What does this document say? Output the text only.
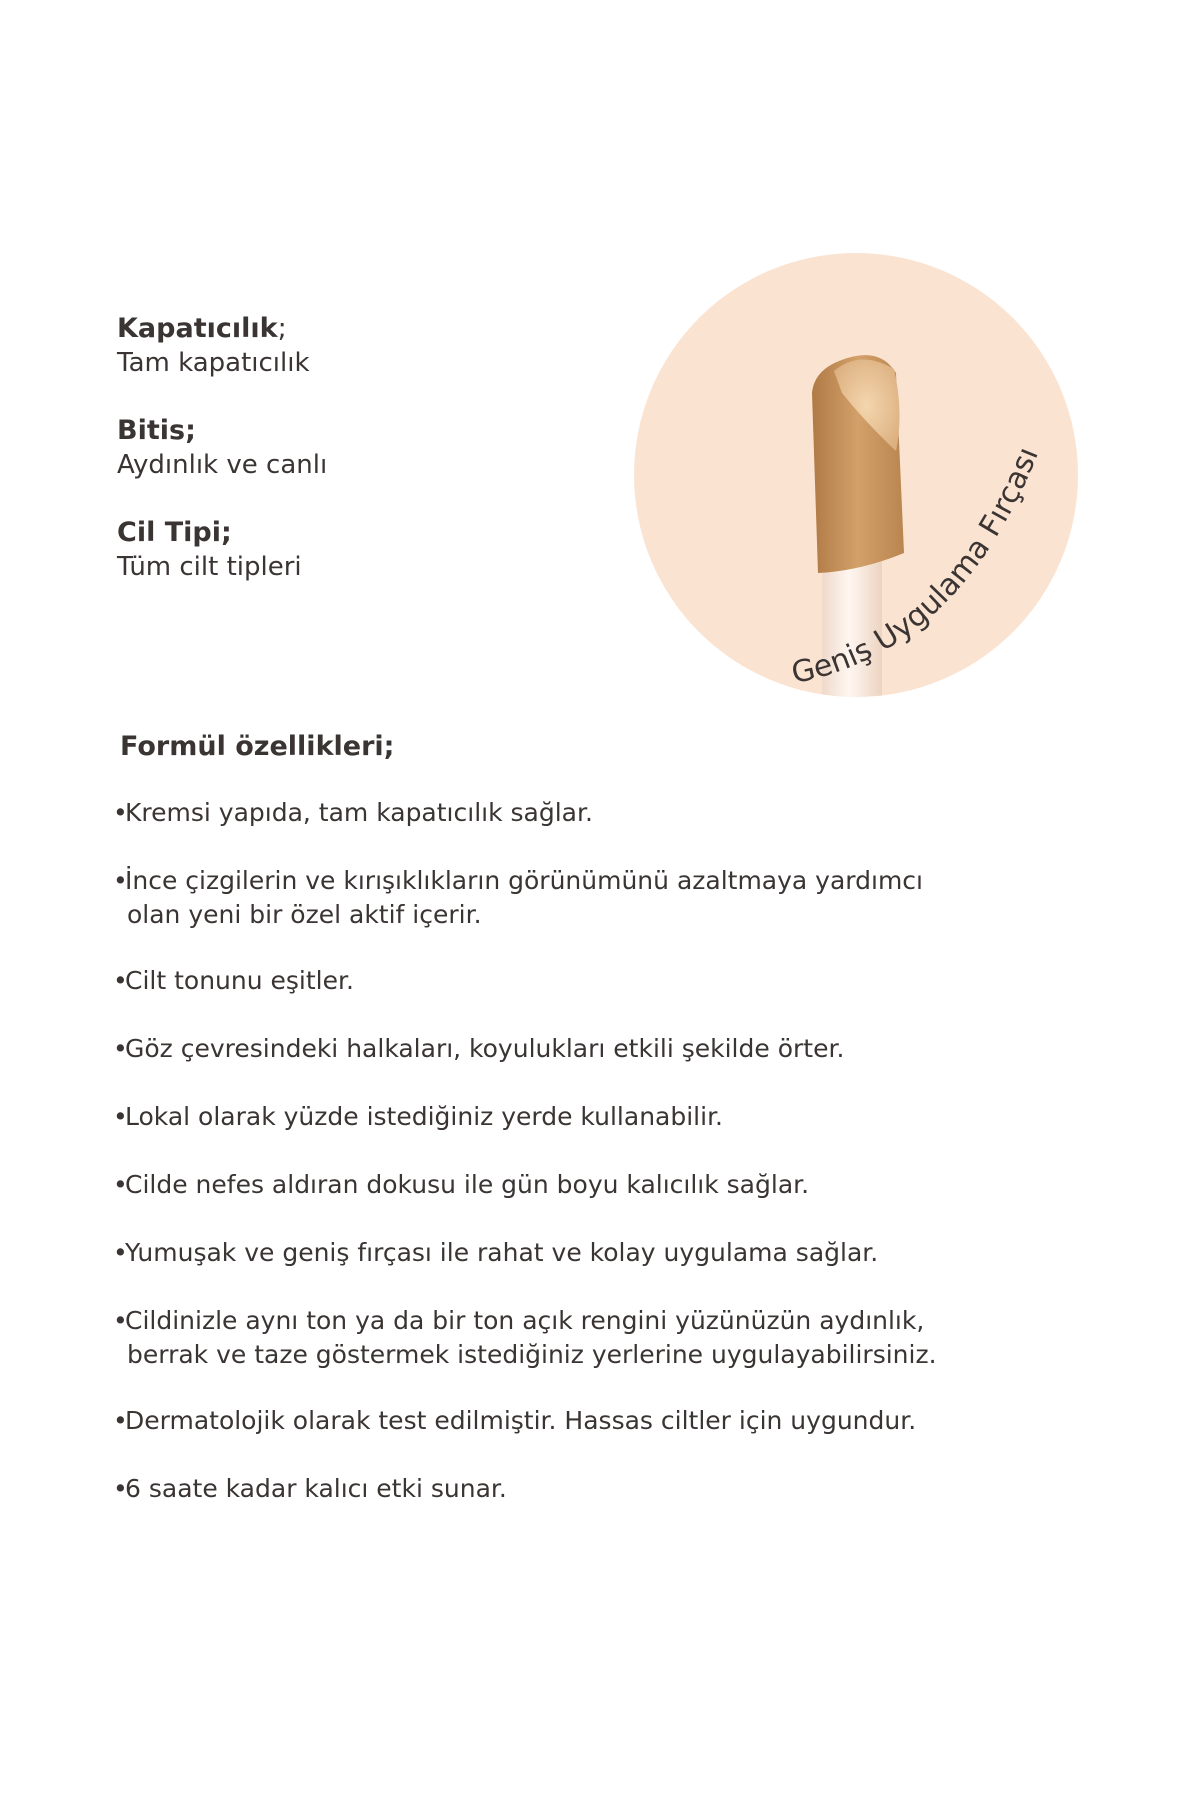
Kapatıcılık;
Tam kapatıcılık
Bitis;
Aydınlık ve canlı
Cil Tipi;
Tüm cilt tipleri
Geniş Uygulama Fırçası
Formül özellikleri;
•Kremsi yapıda, tam kapatıcılık sağlar.
•İnce çizgilerin ve kırışıklıkların görünümünü azaltmaya yardımcı
olan yeni bir özel aktif içerir.
•Cilt tonunu eşitler.
•Göz çevresindeki halkaları, koyulukları etkili şekilde örter.
•Lokal olarak yüzde istediğiniz yerde kullanabilir.
•Cilde nefes aldıran dokusu ile gün boyu kalıcılık sağlar.
•Yumuşak ve geniş fırçası ile rahat ve kolay uygulama sağlar.
•Cildinizle aynı ton ya da bir ton açık rengini yüzünüzün aydınlık,
berrak ve taze göstermek istediğiniz yerlerine uygulayabilirsiniz.
•Dermatolojik olarak test edilmiştir. Hassas ciltler için uygundur.
•6 saate kadar kalıcı etki sunar.
